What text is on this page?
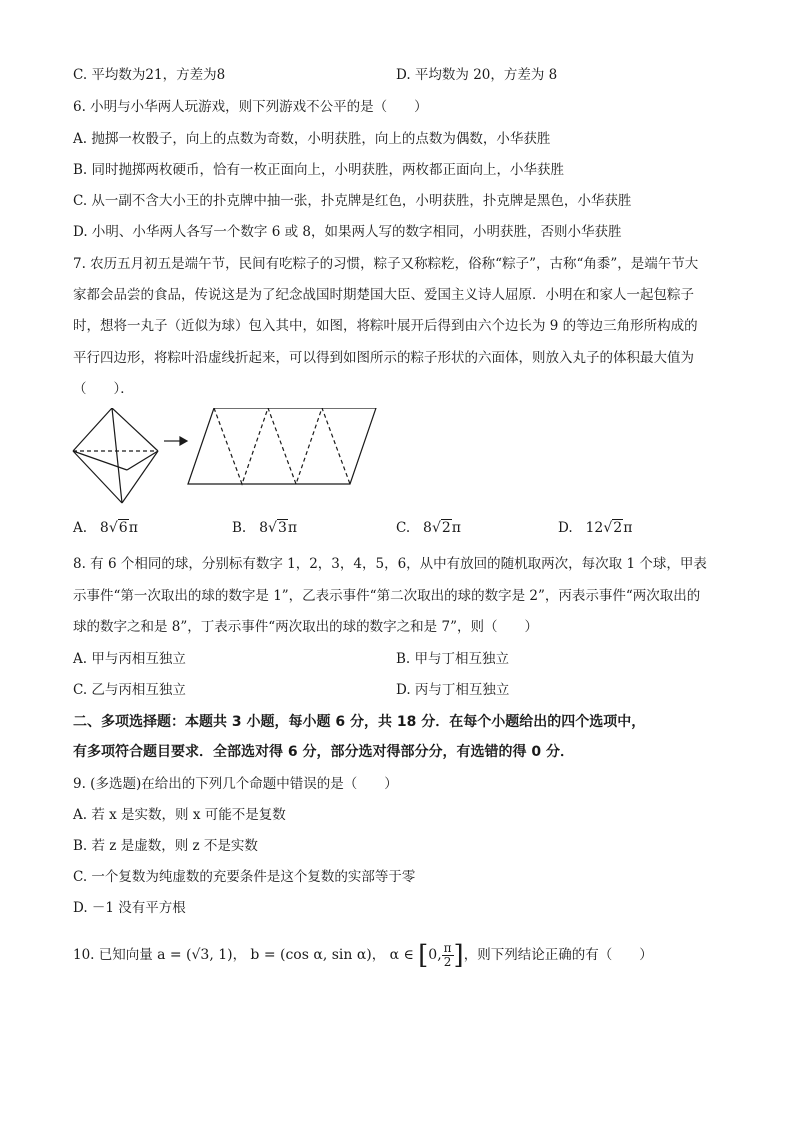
C. 平均数为21，方差为8	D. 平均数为 20，方差为 8
6. 小明与小华两人玩游戏，则下列游戏不公平的是（　　）
A. 抛掷一枚骰子，向上的点数为奇数，小明获胜，向上的点数为偶数，小华获胜
B. 同时抛掷两枚硬币，恰有一枚正面向上，小明获胜，两枚都正面向上，小华获胜
C. 从一副不含大小王的扑克牌中抽一张，扑克牌是红色，小明获胜，扑克牌是黑色，小华获胜
D. 小明、小华两人各写一个数字 6 或 8，如果两人写的数字相同，小明获胜，否则小华获胜
7. 农历五月初五是端午节，民间有吃粽子的习惯，粽子又称粽籺，俗称“粽子”，古称“角黍”，是端午节大
家都会品尝的食品，传说这是为了纪念战国时期楚国大臣、爱国主义诗人屈原．小明在和家人一起包粽子
时，想将一丸子（近似为球）包入其中，如图，将粽叶展开后得到由六个边长为 9 的等边三角形所构成的
平行四边形，将粽叶沿虚线折起来，可以得到如图所示的粽子形状的六面体，则放入丸子的体积最大值为
（　　）．
A. 8√6π	B. 8√3π	C. 8√2π	D. 12√2π
8. 有 6 个相同的球，分别标有数字 1，2，3，4，5，6，从中有放回的随机取两次，每次取 1 个球，甲表
示事件“第一次取出的球的数字是 1”，乙表示事件“第二次取出的球的数字是 2”，丙表示事件“两次取出的
球的数字之和是 8”，丁表示事件“两次取出的球的数字之和是 7”，则（　　）
A. 甲与丙相互独立	B. 甲与丁相互独立
C. 乙与丙相互独立	D. 丙与丁相互独立
二、多项选择题：本题共 3 小题，每小题 6 分，共 18 分．在每个小题给出的四个选项中，
有多项符合题目要求．全部选对得 6 分，部分选对得部分分，有选错的得 0 分．
9. (多选题)在给出的下列几个命题中错误的是（　　）
A. 若 x 是实数，则 x 可能不是复数
B. 若 z 是虚数，则 z 不是实数
C. 一个复数为纯虚数的充要条件是这个复数的实部等于零
D. －1 没有平方根
10. 已知向量 a = (√3, 1)， b = (cos α, sin α)， α ∈ [0, $\frac{\pi}{2}$ ]，则下列结论正确的有（　　）
